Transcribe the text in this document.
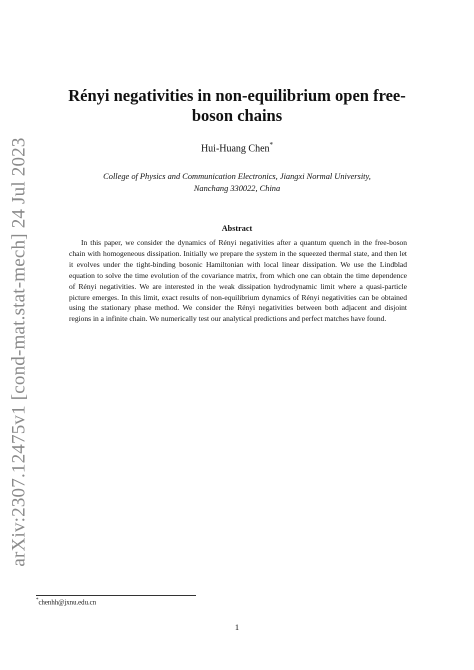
arXiv:2307.12475v1 [cond-mat.stat-mech] 24 Jul 2023
Rényi negativities in non-equilibrium open free-boson chains
Hui-Huang Chen*
College of Physics and Communication Electronics, Jiangxi Normal University, Nanchang 330022, China
Abstract
In this paper, we consider the dynamics of Rényi negativities after a quantum quench in the free-boson chain with homogeneous dissipation. Initially we prepare the system in the squeezed thermal state, and then let it evolves under the tight-binding bosonic Hamiltonian with local linear dissipation. We use the Lindblad equation to solve the time evolution of the covariance matrix, from which one can obtain the time dependence of Rényi negativities. We are interested in the weak dissipation hydrodynamic limit where a quasi-particle picture emerges. In this limit, exact results of non-equilibrium dynamics of Rényi negativities can be obtained using the stationary phase method. We consider the Rényi negativities between both adjacent and disjoint regions in a infinite chain. We numerically test our analytical predictions and perfect matches have found.
*chenhh@jxnu.edu.cn
1
